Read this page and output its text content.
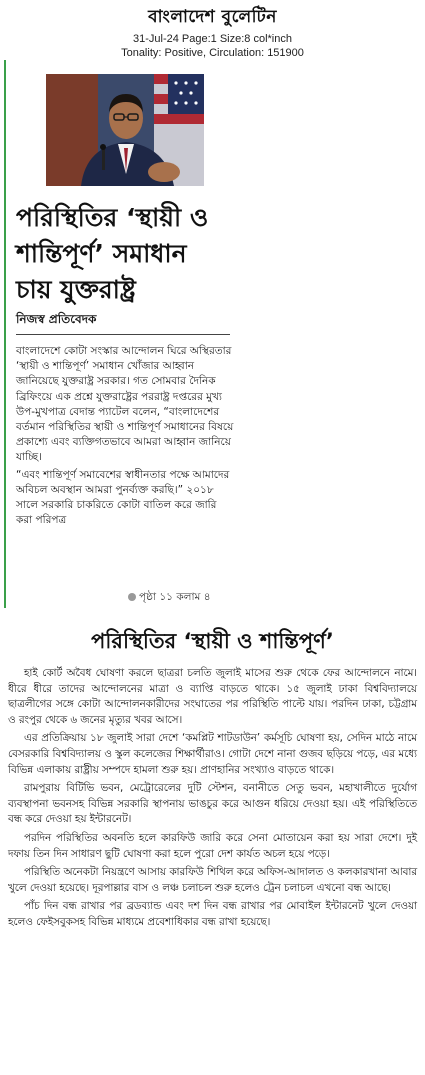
বাংলাদেশ বুলেটিন
31-Jul-24 Page:1 Size:8 col*inch
Tonality: Positive, Circulation: 151900
পরিস্থিতির ‘স্থায়ী ও শান্তিপূর্ণ’ সমাধান চায় যুক্তরাষ্ট্র
নিজস্ব প্রতিবেদক

বাংলাদেশে কোটা সংস্কার আন্দোলন ঘিরে অস্থিরতার ‘স্থায়ী ও শান্তিপূর্ণ’ সমাধান খোঁজার আহ্বান জানিয়েছে যুক্তরাষ্ট্র সরকার। গত সোমবার দৈনিক ব্রিফিংয়ে এক প্রশ্নে যুক্তরাষ্ট্রের পররাষ্ট্র দপ্তরের মুখ্য উপ-মুখপাত্র বেদান্ত প্যাটেল বলেন, “বাংলাদেশের বর্তমান পরিস্থিতির স্থায়ী ও শান্তিপূর্ণ সমাধানের বিষয়ে প্রকাশ্যে এবং ব্যক্তিগতভাবে আমরা আহ্বান জানিয়ে যাচ্ছি।

“এবং শান্তিপূর্ণ সমাবেশের স্বাধীনতার পক্ষে আমাদের অবিচল অবস্থান আমরা পুনর্ব্যক্ত করছি।” ২০১৮ সালে সরকারি চাকরিতে কোটা বাতিল করে জারি করা পরিপত্র

পৃষ্ঠা ১১ কলাম ৪
পরিস্থিতির ‘স্থায়ী ও শান্তিপূর্ণ’

হাই কোর্ট অবৈধ ঘোষণা করলে ছাত্ররা চলতি জুলাই মাসের শুরু থেকে ফের আন্দোলনে নামে। ধীরে ধীরে তাদের আন্দোলনের মাত্রা ও ব্যাপ্তি বাড়তে থাকে। ১৫ জুলাই ঢাকা বিশ্ববিদ্যালয়ে ছাত্রলীগের সঙ্গে কোটা আন্দোলনকারীদের সংঘাতের পর পরিস্থিতি পাল্টে যায়। পরদিন ঢাকা, চট্টগ্রাম ও রংপুর থেকে ৬ জনের মৃত্যুর খবর আসে।

এর প্রতিক্রিয়ায় ১৮ জুলাই সারা দেশে ‘কমপ্লিট শাটডাউন’ কর্মসূচি ঘোষণা হয়, সেদিন মাঠে নামে বেসরকারি বিশ্ববিদ্যালয় ও স্কুল কলেজের শিক্ষার্থীরাও। গোটা দেশে নানা গুজব ছড়িয়ে পড়ে, এর মধ্যে বিভিন্ন এলাকায় রাষ্ট্রীয় সম্পদে হামলা শুরু হয়। প্রাণহানির সংখ্যাও বাড়তে থাকে।

রামপুরায় বিটিভি ভবন, মেট্রোরেলের দুটি স্টেশন, বনানীতে সেতু ভবন, মহাখালীতে দুর্যোগ ব্যবস্থাপনা ভবনসহ বিভিন্ন সরকারি স্থাপনায় ভাঙচুর করে আগুন ধরিয়ে দেওয়া হয়। এই পরিস্থিতিতে বন্ধ করে দেওয়া হয় ইন্টারনেট।

পরদিন পরিস্থিতির অবনতি হলে কারফিউ জারি করে সেনা মোতায়েন করা হয় সারা দেশে। দুই দফায় তিন দিন সাধারণ ছুটি ঘোষণা করা হলে পুরো দেশ কার্যত অচল হয়ে পড়ে।

পরিস্থিতি অনেকটা নিয়ন্ত্রণে আসায় কারফিউ শিথিল করে অফিস-আদালত ও কলকারখানা আবার খুলে দেওয়া হয়েছে। দূরপাল্লার বাস ও লঞ্চ চলাচল শুরু হলেও ট্রেন চলাচল এখনো বন্ধ আছে।

পাঁচ দিন বন্ধ রাখার পর ব্রডব্যান্ড এবং দশ দিন বন্ধ রাখার পর মোবাইল ইন্টারনেট খুলে দেওয়া হলেও ফেইসবুকসহ বিভিন্ন মাধ্যমে প্রবেশাধিকার বন্ধ রাখা হয়েছে।
